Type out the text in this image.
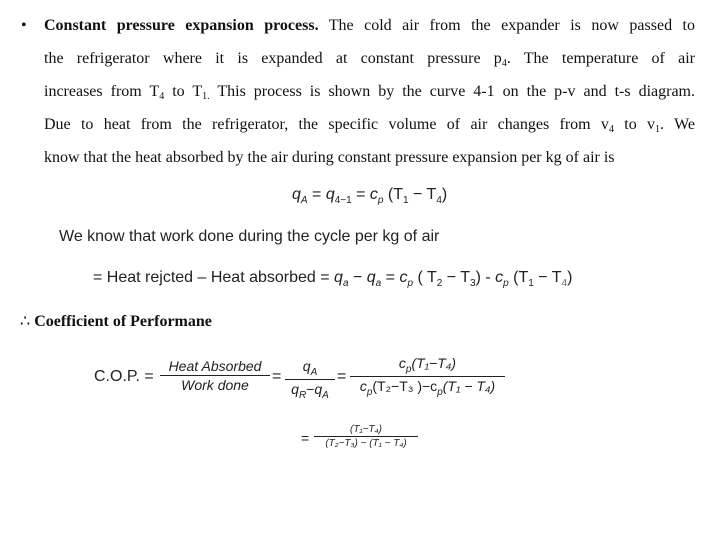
• Constant pressure expansion process. The cold air from the expander is now passed to
the refrigerator where it is expanded at constant pressure $p_4$. The temperature of air
increases from $T_4$ to $T_{1.}$ This process is shown by the curve 4-1 on the p-v and t-s diagram.
Due to heat from the refrigerator, the specific volume of air changes from $v_4$ to $v_1$. We
know that the heat absorbed by the air during constant pressure expansion per kg of air is
$q_A = q_{4-1} = c_p$ $(T_1 - T_4)$
We know that work done during the cycle per kg of air
= Heat rejcted – Heat absorbed = $q_a - q_a = c_p$ ( $T_2 - T_3) - c_p$ $(T_1 - T_4)$
∴ Coefficient of Performane
C.O.P. =
Heat Absorbed
Work done	=
$q_A$
$q_R-q_A$
=
$c_p(T_1-T_4)$
$c_p(T_2-T_3$ )$-c_p(T_1 - T_4)$
=
(T₁−T₄)
(T₂−T₃) − (T₁ − T₄)
